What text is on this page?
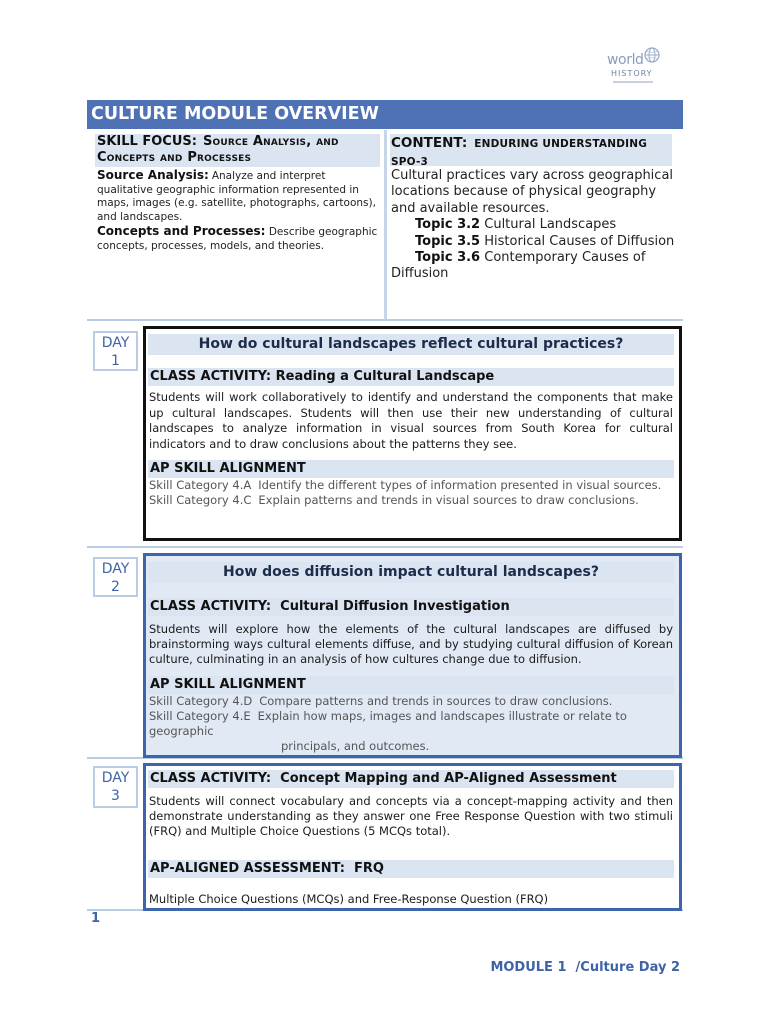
world
HISTORY
CULTURE MODULE OVERVIEW
SKILL FOCUS: Source Analysis, and Concepts and Processes

Source Analysis: Analyze and interpret qualitative geographic information represented in
maps, images (e.g. satellite, photographs, cartoons), and landscapes.

Concepts and Processes: Describe geographic concepts, processes, models, and theories.

CONTENT: ENDURING UNDERSTANDING SPO-3

Cultural practices vary across geographical locations because of physical geography and available resources.

Topic 3.2 Cultural Landscapes

Topic 3.5 Historical Causes of Diffusion

Topic 3.6 Contemporary Causes of Diffusion

DAY
1
How do cultural landscapes reflect cultural practices?
CLASS ACTIVITY: Reading a Cultural Landscape

Students will work collaboratively to identify and understand the components that make up cultural landscapes. Students will then use their new understanding of cultural landscapes to analyze information in visual sources from South Korea for cultural indicators and to draw conclusions about the patterns they see.

AP SKILL ALIGNMENT

Skill Category 4.A Identify the different types of information presented in visual sources.

Skill Category 4.C Explain patterns and trends in visual sources to draw conclusions.

DAY
2
How does diffusion impact cultural landscapes?
CLASS ACTIVITY:  Cultural Diffusion Investigation

Students will explore how the elements of the cultural landscapes are diffused by brainstorming ways cultural elements diffuse, and by studying cultural diffusion of Korean culture, culminating in an analysis of how cultures change due to diffusion.

AP SKILL ALIGNMENT

Skill Category 4.D Compare patterns and trends in sources to draw conclusions.

Skill Category 4.E Explain how maps, images and landscapes illustrate or relate to geographic
principals, and outcomes.

DAY
3
CLASS ACTIVITY:  Concept Mapping and AP-Aligned Assessment

Students will connect vocabulary and concepts via a concept-mapping activity and then demonstrate understanding as they answer one Free Response Question with two stimuli (FRQ) and Multiple Choice Questions (5 MCQs total).

AP-ALIGNED ASSESSMENT:  FRQ

Multiple Choice Questions (MCQs) and Free-Response Question (FRQ)

1
MODULE 1  /Culture Day 2
